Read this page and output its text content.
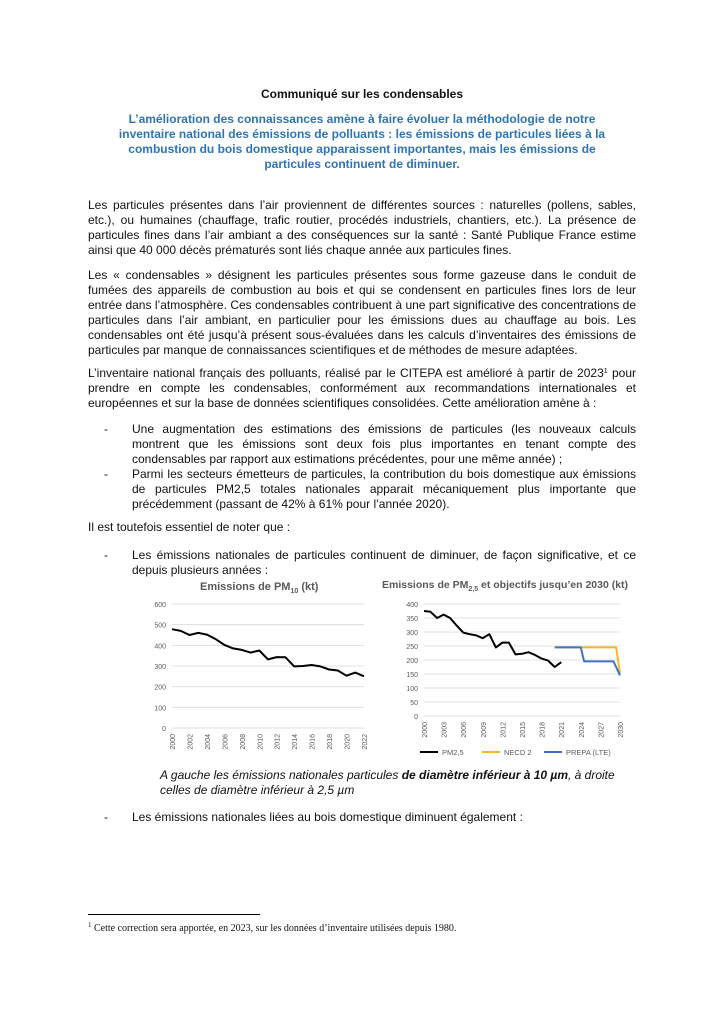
Communiqué sur les condensables
L’amélioration des connaissances amène à faire évoluer la méthodologie de notre inventaire national des émissions de polluants : les émissions de particules liées à la combustion du bois domestique apparaissent importantes, mais les émissions de particules continuent de diminuer.
Les particules présentes dans l’air proviennent de différentes sources : naturelles (pollens, sables, etc.), ou humaines (chauffage, trafic routier, procédés industriels, chantiers, etc.). La présence de particules fines dans l’air ambiant a des conséquences sur la santé : Santé Publique France estime ainsi que 40 000 décès prématurés sont liés chaque année aux particules fines.
Les « condensables » désignent les particules présentes sous forme gazeuse dans le conduit de fumées des appareils de combustion au bois et qui se condensent en particules fines lors de leur entrée dans l’atmosphère. Ces condensables contribuent à une part significative des concentrations de particules dans l’air ambiant, en particulier pour les émissions dues au chauffage au bois. Les condensables ont été jusqu’à présent sous-évaluées dans les calculs d’inventaires des émissions de particules par manque de connaissances scientifiques et de méthodes de mesure adaptées.
L’inventaire national français des polluants, réalisé par le CITEPA est amélioré à partir de 2023$^1$ pour prendre en compte les condensables, conformément aux recommandations internationales et européennes et sur la base de données scientifiques consolidées. Cette amélioration amène à :
- Une augmentation des estimations des émissions de particules (les nouveaux calculs montrent que les émissions sont deux fois plus importantes en tenant compte des condensables par rapport aux estimations précédentes, pour une même année) ;
- Parmi les secteurs émetteurs de particules, la contribution du bois domestique aux émissions de particules PM2,5 totales nationales apparait mécaniquement plus importante que précédemment (passant de 42% à 61% pour l’année 2020).
Il est toutefois essentiel de noter que :
- Les émissions nationales de particules continuent de diminuer, de façon significative, et ce depuis plusieurs années :
Emissions de $PM_{10}$ (kt)
0
100
200
300
400
500
600
2000 2002 2004 2006 2008 2010 2012 2014 2016 2018 2020 2022
Emissions de $PM_{2,5}$ et objectifs jusqu’en 2030 (kt)
0
50
100
150
200
250
300
350
400
2000 2003 2006 2009 2012 2015 2018 2021 2024 2027 2030
PM2,5	NECD 2	PREPA (LTE)
A gauche les émissions nationales particules de diamètre inférieur à 10 µm, à droite celles de diamètre inférieur à 2,5 µm
- Les émissions nationales liées au bois domestique diminuent également :
$^1$ Cette correction sera apportée, en 2023, sur les données d’inventaire utilisées depuis 1980.
